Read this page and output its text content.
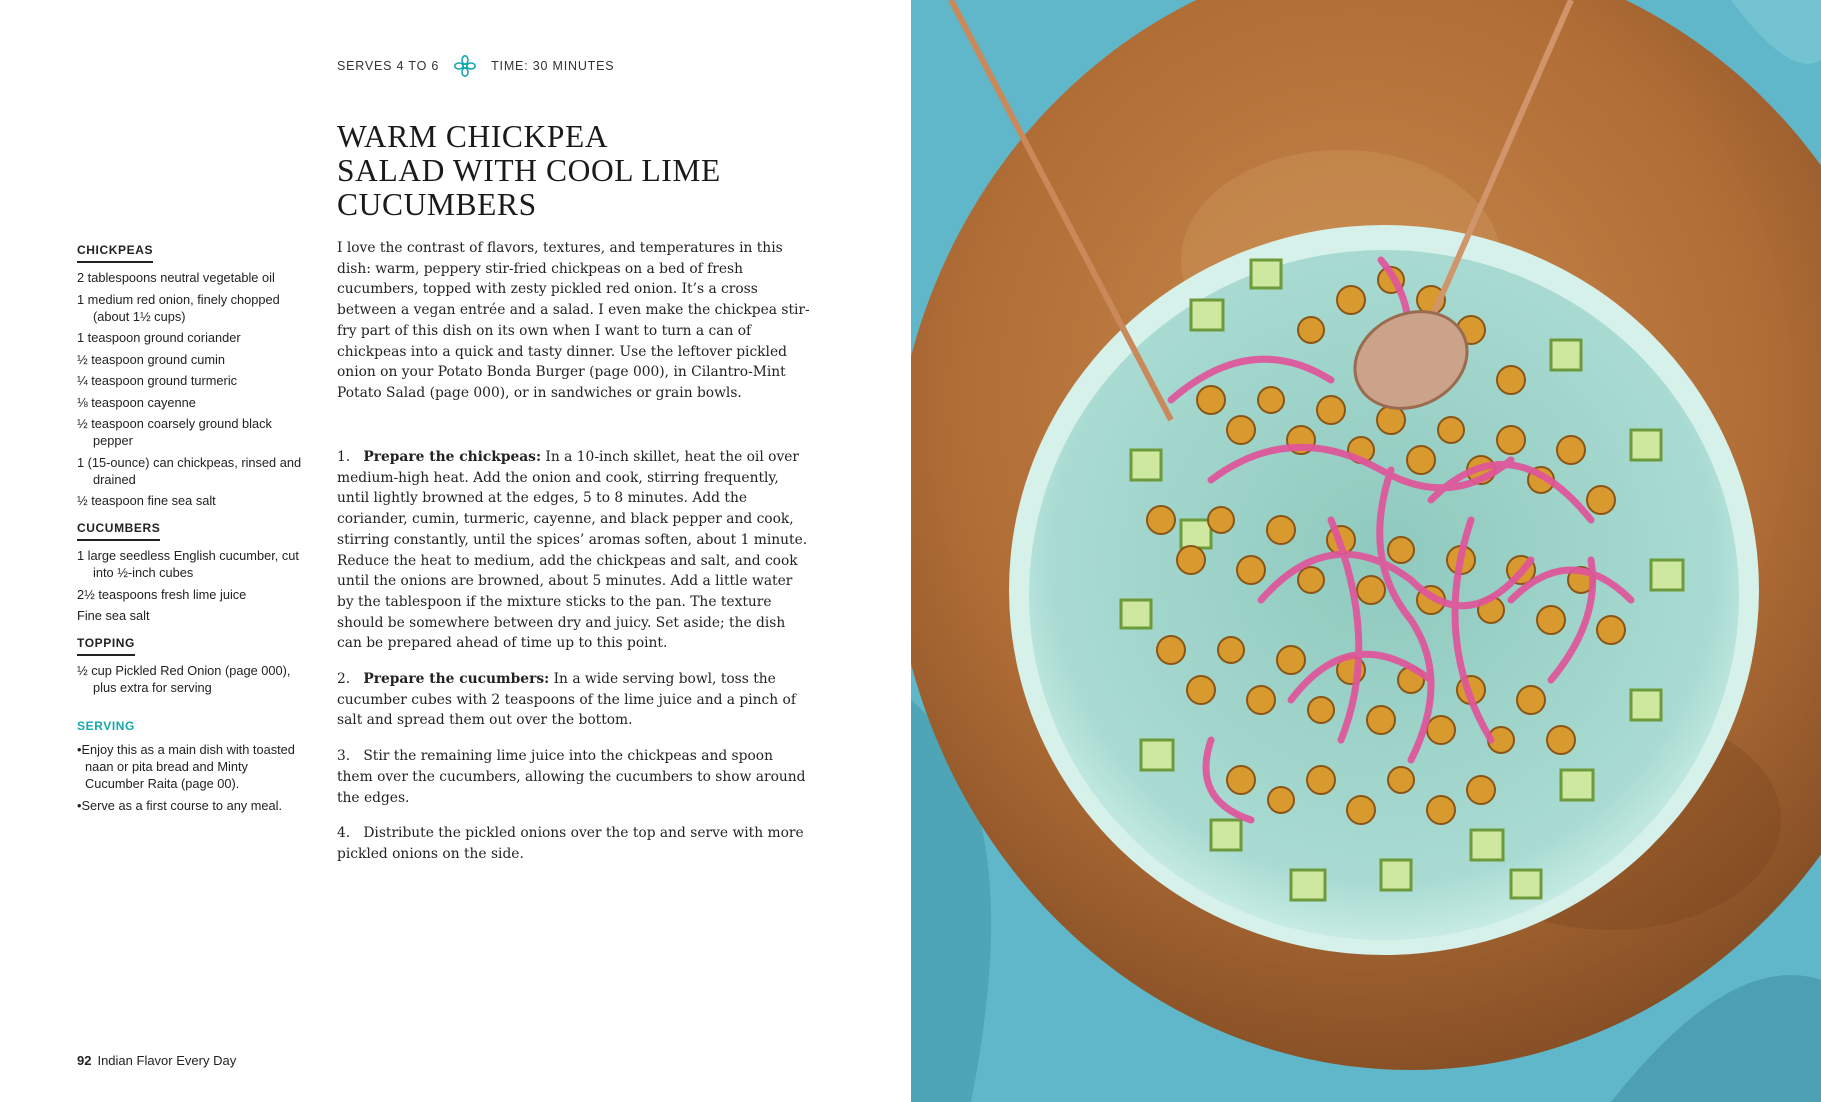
SERVES 4 TO 6	TIME: 30 MINUTES
WARM CHICKPEA
SALAD WITH COOL LIME
CUCUMBERS

I love the contrast of flavors, textures, and temperatures in this dish: warm, peppery stir-fried chickpeas on a bed of fresh cucumbers, topped with zesty pickled red onion. It’s a cross between a vegan entrée and a salad. I even make the chickpea stir-fry part of this dish on its own when I want to turn a can of chickpeas into a quick and tasty dinner. Use the leftover pickled onion on your Potato Bonda Burger (page 000), in Cilantro-Mint Potato Salad (page 000), or in sandwiches or grain bowls.

CHICKPEAS
2 tablespoons neutral vegetable oil
1 medium red onion, finely chopped (about 1½ cups)
1 teaspoon ground coriander
½ teaspoon ground cumin
¼ teaspoon ground turmeric
⅛ teaspoon cayenne
½ teaspoon coarsely ground black pepper
1 (15-ounce) can chickpeas, rinsed and drained
½ teaspoon fine sea salt
CUCUMBERS
1 large seedless English cucumber, cut into ½-inch cubes
2½ teaspoons fresh lime juice
Fine sea salt
TOPPING
½ cup Pickled Red Onion (page 000), plus extra for serving
SERVING
•Enjoy this as a main dish with toasted naan or pita bread and Minty Cucumber Raita (page 00).
•Serve as a first course to any meal.

1. Prepare the chickpeas: In a 10-inch skillet, heat the oil over medium-high heat. Add the onion and cook, stirring frequently, until lightly browned at the edges, 5 to 8 minutes. Add the coriander, cumin, turmeric, cayenne, and black pepper and cook, stirring constantly, until the spices’ aromas soften, about 1 minute. Reduce the heat to medium, add the chickpeas and salt, and cook until the onions are browned, about 5 minutes. Add a little water by the tablespoon if the mixture sticks to the pan. The texture should be somewhere between dry and juicy. Set aside; the dish can be prepared ahead of time up to this point.

2. Prepare the cucumbers: In a wide serving bowl, toss the cucumber cubes with 2 teaspoons of the lime juice and a pinch of salt and spread them out over the bottom.

3. Stir the remaining lime juice into the chickpeas and spoon them over the cucumbers, allowing the cucumbers to show around the edges.

4. Distribute the pickled onions over the top and serve with more pickled onions on the side.

92 Indian Flavor Every Day
